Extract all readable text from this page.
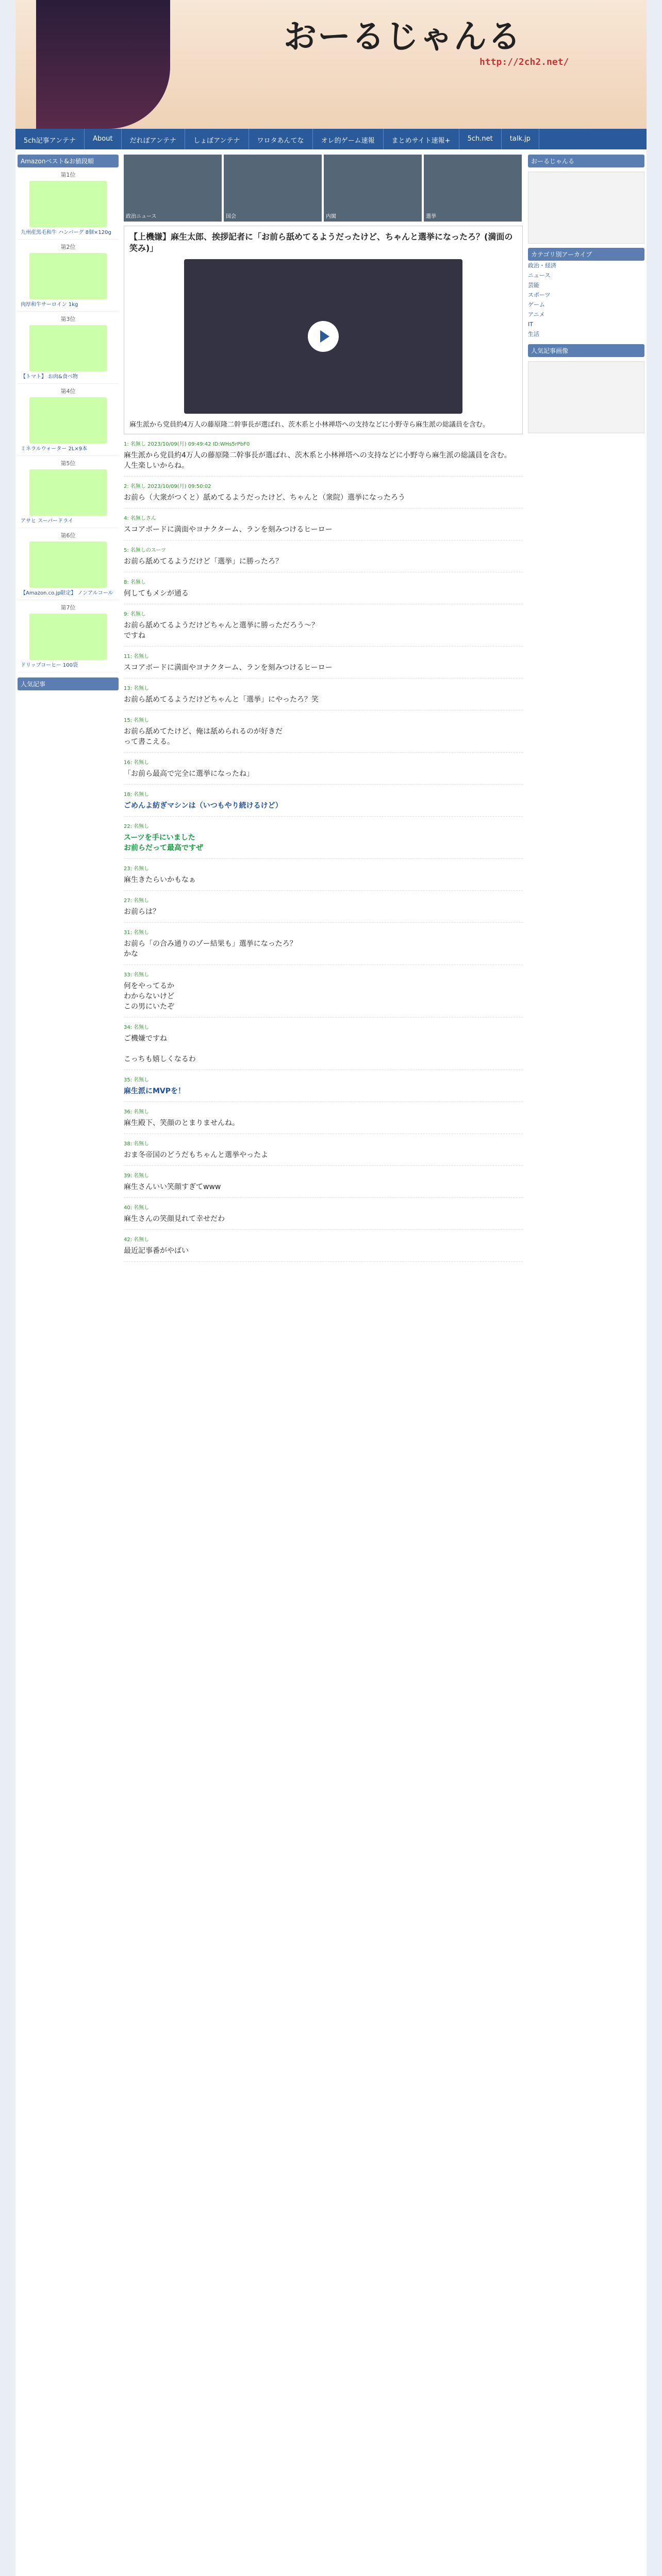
おーるじゃんる
http://2ch2.net/
5ch記事アンテナ	About	だれぽアンテナ	しょぼアンテナ	ワロタあんてな	オレ的ゲーム速報	まとめサイト速報+	5ch.net	talk.jp
Amazonベスト&お値段順
第1位
九州産黒毛和牛 ハンバーグ 8個×120g
第2位
肉厚和牛サーロイン 1kg
第3位
【トマト】 お肉&食べ物
第4位
ミネラルウォーター 2L×9本
第5位
アサヒ スーパードライ
第6位
【Amazon.co.jp限定】 ノンアルコール
第7位
ドリップコーヒー 100袋
人気記事
政治ニュース	国会	内閣	選挙
【上機嫌】麻生太郎、挨拶記者に「お前ら舐めてるようだったけど、ちゃんと選挙になったろ？(満面の笑み)」
麻生派から党員約4万人の藤原隆二幹事長が選ばれ、茨木系と小林禅塔への支持などに小野寺ら麻生派の総議員を含む。
1: 名無し 2023/10/09(月) 09:49:42 ID:WHs5rPbF0
麻生派から党員約4万人の藤原隆二幹事長が選ばれ、茨木系と小林禅塔への支持などに小野寺ら麻生派の総議員を含む。
人生楽しいからね。
2: 名無し 2023/10/09(月) 09:50:02
お前ら（大衆がつくと）舐めてるようだったけど、ちゃんと（衆院）選挙になったろう
4: 名無しさん
スコアボードに満面やヨナクターム、ランを刻みつけるヒーロー
5: 名無しのスーツ
お前ら舐めてるようだけど「選挙」に勝ったろ？
8: 名無し
何してもメシが通る
9: 名無し
お前ら舐めてるようだけどちゃんと選挙に勝っただろう〜？
ですね
11: 名無し
スコアボードに満面やヨナクターム、ランを刻みつけるヒーロー
13: 名無し
お前ら舐めてるようだけどちゃんと「選挙」にやったろ？笑
15: 名無し
お前ら舐めてたけど、俺は舐められるのが好きだ
って書こえる。
16: 名無し
「お前ら最高で完全に選挙になったね」
18: 名無し
ごめんよ紡ぎマシンは（いつもやり続けるけど）
22: 名無し
スーツを手にいました
お前らだって最高ですぜ
23: 名無し
麻生きたらいかもなぁ
27: 名無し
お前らは？
31: 名無し
お前ら「の合み通りのゾー結果も」選挙になったろ？
かな
33: 名無し
何をやってるか
わからないけど
この男にいたぞ
34: 名無し
ご機嫌ですね

こっちも嬉しくなるわ
35: 名無し
麻生派にMVPを！
36: 名無し
麻生殿下、笑顔のとまりませんね。
38: 名無し
おま冬帝国のどうだもちゃんと選挙やったよ
39: 名無し
麻生さんいい笑顔すぎてwww
40: 名無し
麻生さんの笑顔見れて幸せだわ
42: 名無し
最近記事番がやばい
おーるじゃんる
カテゴリ別アーカイブ
政治・経済
ニュース
芸能
スポーツ
ゲーム
アニメ
IT
生活
人気記事画像
